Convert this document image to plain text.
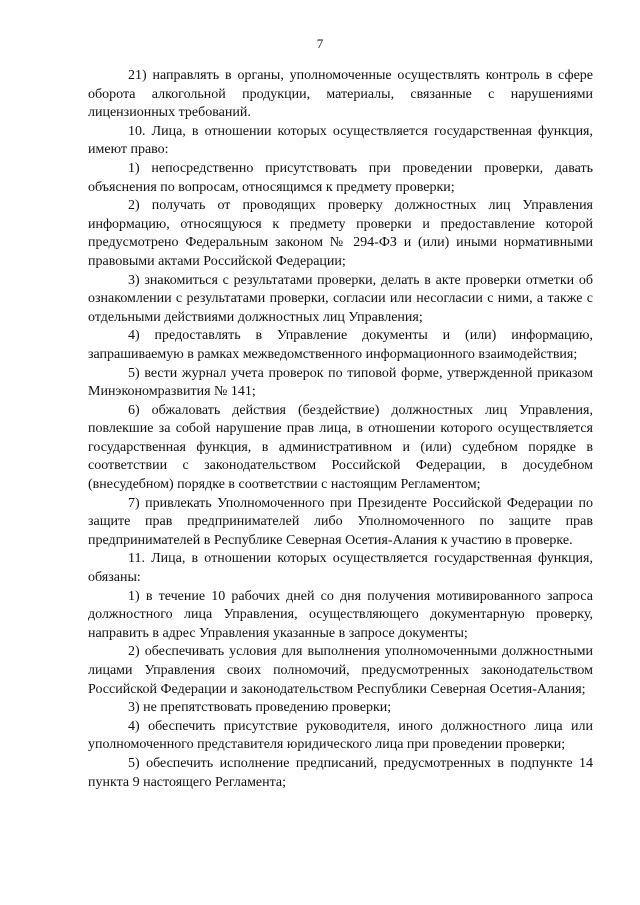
7

21) направлять в органы, уполномоченные осуществлять контроль в сфере оборота алкогольной продукции, материалы, связанные с нарушениями лицензионных требований.

10. Лица, в отношении которых осуществляется государственная функция, имеют право:

1) непосредственно присутствовать при проведении проверки, давать объяснения по вопросам, относящимся к предмету проверки;

2) получать от проводящих проверку должностных лиц Управления информацию, относящуюся к предмету проверки и предоставление которой предусмотрено Федеральным законом № 294-ФЗ и (или) иными нормативными правовыми актами Российской Федерации;

3) знакомиться с результатами проверки, делать в акте проверки отметки об ознакомлении с результатами проверки, согласии или несогласии с ними, а также с отдельными действиями должностных лиц Управления;

4) предоставлять в Управление документы и (или) информацию, запрашиваемую в рамках межведомственного информационного взаимодействия;

5) вести журнал учета проверок по типовой форме, утвержденной приказом Минэкономразвития № 141;

6) обжаловать действия (бездействие) должностных лиц Управления, повлекшие за собой нарушение прав лица, в отношении которого осуществляется государственная функция, в административном и (или) судебном порядке в соответствии с законодательством Российской Федерации, в досудебном (внесудебном) порядке в соответствии с настоящим Регламентом;

7) привлекать Уполномоченного при Президенте Российской Федерации по защите прав предпринимателей либо Уполномоченного по защите прав предпринимателей в Республике Северная Осетия-Алания к участию в проверке.

11. Лица, в отношении которых осуществляется государственная функция, обязаны:

1) в течение 10 рабочих дней со дня получения мотивированного запроса должностного лица Управления, осуществляющего документарную проверку, направить в адрес Управления указанные в запросе документы;

2) обеспечивать условия для выполнения уполномоченными должностными лицами Управления своих полномочий, предусмотренных законодательством Российской Федерации и законодательством Республики Северная Осетия-Алания;

3) не препятствовать проведению проверки;

4) обеспечить присутствие руководителя, иного должностного лица или уполномоченного представителя юридического лица при проведении проверки;

5) обеспечить исполнение предписаний, предусмотренных в подпункте 14 пункта 9 настоящего Регламента;
